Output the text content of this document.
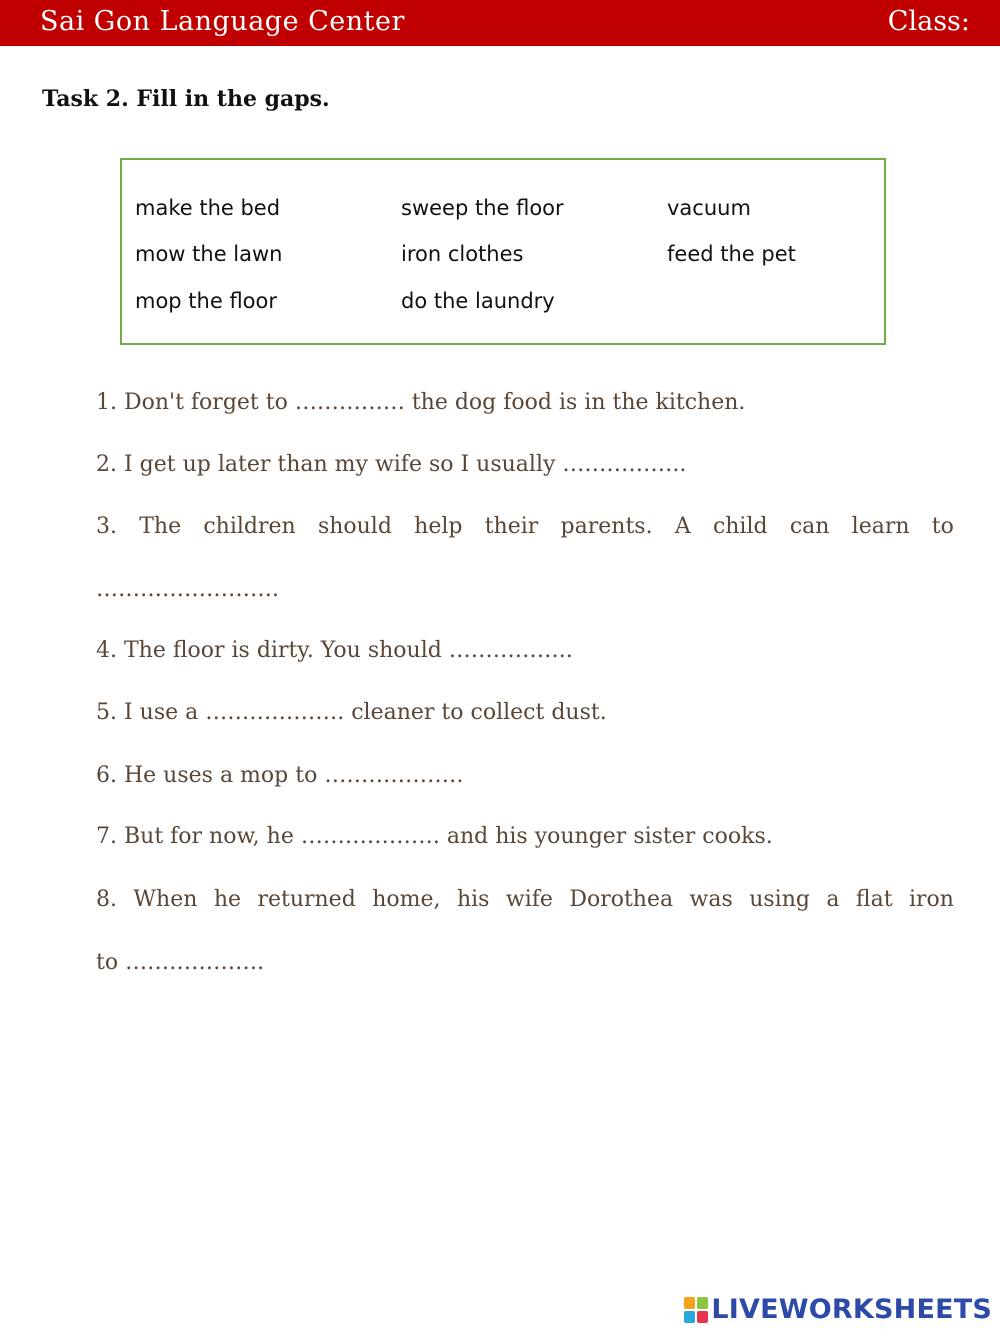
Sai Gon Language Center	Class:
Task 2. Fill in the gaps.
make the bed	sweep the floor	vacuum
mow the lawn	iron clothes	feed the pet
mop the floor	do the laundry
1. Don't forget to …………… the dog food is in the kitchen.
2. I get up later than my wife so I usually ……………..
3. The children should help their parents. A child can learn to
…………………….
4. The floor is dirty. You should ……………..
5. I use a ………………. cleaner to collect dust.
6. He uses a mop to ……………….
7. But for now, he ………………. and his younger sister cooks.
8. When he returned home, his wife Dorothea was using a flat iron
to ……………….
LIVEWORKSHEETS
